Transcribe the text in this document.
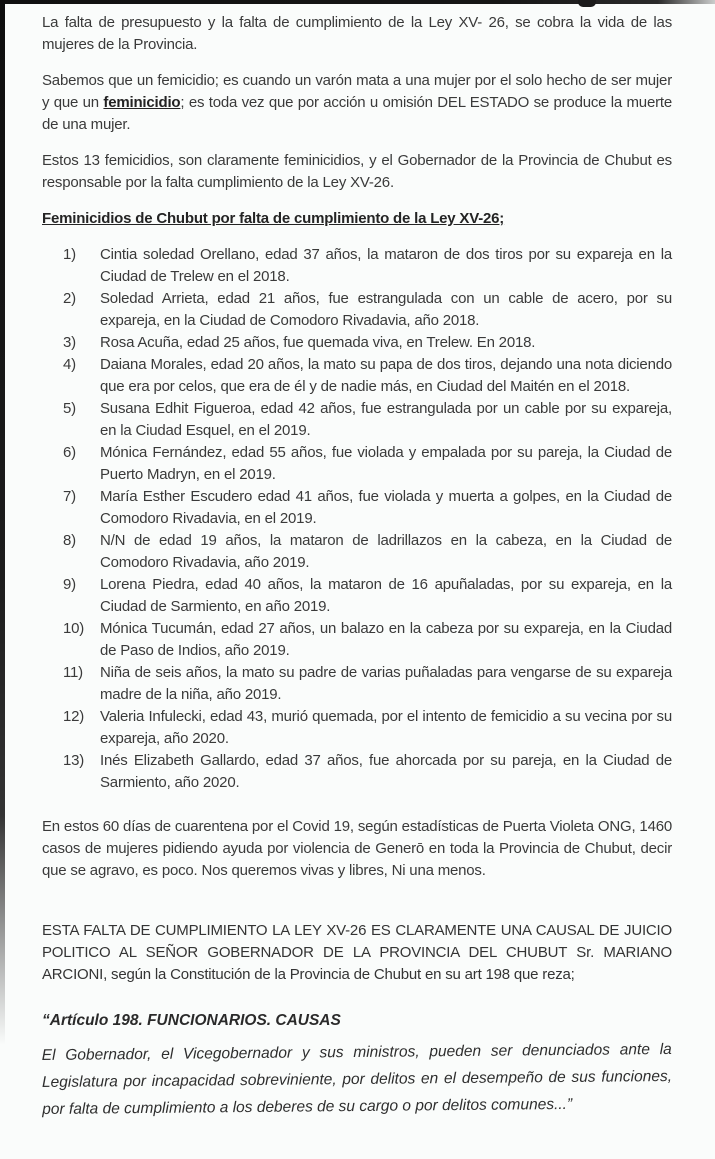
La falta de presupuesto y la falta de cumplimiento de la Ley XV- 26, se cobra la vida de las mujeres de la Provincia.

Sabemos que un femicidio; es cuando un varón mata a una mujer por el solo hecho de ser mujer y que un feminicidio; es toda vez que por acción u omisión DEL ESTADO se produce la muerte de una mujer.

Estos 13 femicidios, son claramente feminicidios, y el Gobernador de la Provincia de Chubut es responsable por la falta cumplimiento de la Ley XV-26.

Feminicidios de Chubut por falta de cumplimiento de la Ley XV-26;
1)	Cintia soledad Orellano, edad 37 años, la mataron de dos tiros por su expareja en la Ciudad de Trelew en el 2018.
2)	Soledad Arrieta, edad 21 años, fue estrangulada con un cable de acero, por su expareja, en la Ciudad de Comodoro Rivadavia, año 2018.
3)	Rosa Acuña, edad 25 años, fue quemada viva, en Trelew. En 2018.
4)	Daiana Morales, edad 20 años, la mato su papa de dos tiros, dejando una nota diciendo que era por celos, que era de él y de nadie más, en Ciudad del Maitén en el 2018.
5)	Susana Edhit Figueroa, edad 42 años, fue estrangulada por un cable por su expareja, en la Ciudad Esquel, en el 2019.
6)	Mónica Fernández, edad 55 años, fue violada y empalada por su pareja, la Ciudad de Puerto Madryn, en el 2019.
7)	María Esther Escudero edad 41 años, fue violada y muerta a golpes, en la Ciudad de Comodoro Rivadavia, en el 2019.
8)	N/N de edad 19 años, la mataron de ladrillazos en la cabeza, en la Ciudad de Comodoro Rivadavia, año 2019.
9)	Lorena Piedra, edad 40 años, la mataron de 16 apuñaladas, por su expareja, en la Ciudad de Sarmiento, en año 2019.
10)	Mónica Tucumán, edad 27 años, un balazo en la cabeza por su expareja, en la Ciudad de Paso de Indios, año 2019.
11)	Niña de seis años, la mato su padre de varias puñaladas para vengarse de su expareja madre de la niña, año 2019.
12)	Valeria Infulecki, edad 43, murió quemada, por el intento de femicidio a su vecina por su expareja, año 2020.
13)	Inés Elizabeth Gallardo, edad 37 años, fue ahorcada por su pareja, en la Ciudad de Sarmiento, año 2020.

En estos 60 días de cuarentena por el Covid 19, según estadísticas de Puerta Violeta ONG, 1460 casos de mujeres pidiendo ayuda por violencia de Generō en toda la Provincia de Chubut, decir que se agravo, es poco. Nos queremos vivas y libres, Ni una menos.

ESTA FALTA DE CUMPLIMIENTO LA LEY XV-26 ES CLARAMENTE UNA CAUSAL DE JUICIO POLITICO AL SEÑOR GOBERNADOR DE LA PROVINCIA DEL CHUBUT Sr. MARIANO ARCIONI, según la Constitución de la Provincia de Chubut en su art 198 que reza;

“Artículo 198. FUNCIONARIOS. CAUSAS

El Gobernador, el Vicegobernador y sus ministros, pueden ser denunciados ante la Legislatura por incapacidad sobreviniente, por delitos en el desempeño de sus funciones, por falta de cumplimiento a los deberes de su cargo o por delitos comunes...”
